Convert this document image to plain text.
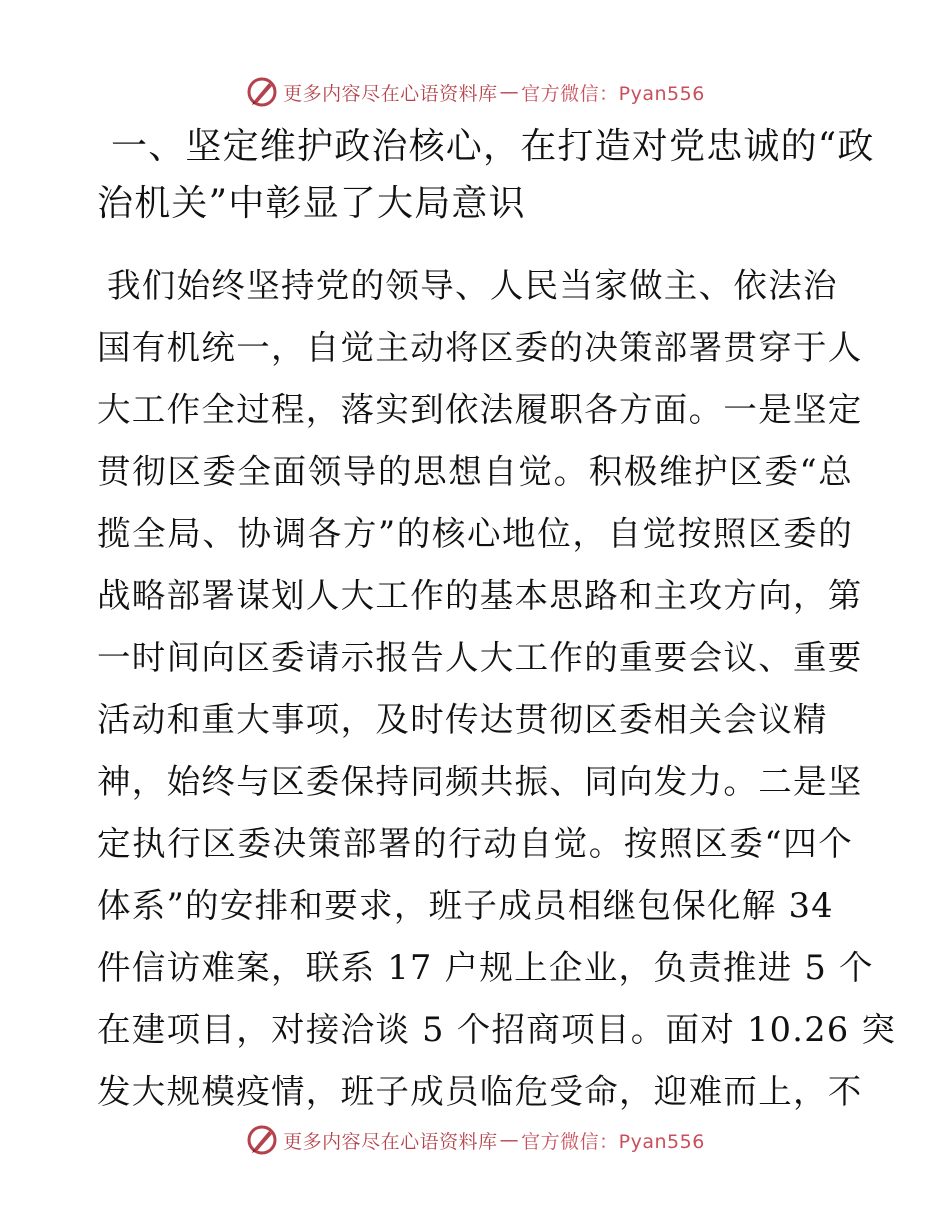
更多内容尽在心语资料库 — 官方微信：Pyan556
一、坚定维护政治核心，在打造对党忠诚的“政
治机关”中彰显了大局意识
我们始终坚持党的领导、人民当家做主、依法治
国有机统一，自觉主动将区委的决策部署贯穿于人
大工作全过程，落实到依法履职各方面。一是坚定
贯彻区委全面领导的思想自觉。积极维护区委“总
揽全局、协调各方”的核心地位，自觉按照区委的
战略部署谋划人大工作的基本思路和主攻方向，第
一时间向区委请示报告人大工作的重要会议、重要
活动和重大事项，及时传达贯彻区委相关会议精
神，始终与区委保持同频共振、同向发力。二是坚
定执行区委决策部署的行动自觉。按照区委“四个
体系”的安排和要求，班子成员相继包保化解 34
件信访难案，联系 17 户规上企业，负责推进 5 个
在建项目，对接洽谈 5 个招商项目。面对 10.26 突
发大规模疫情，班子成员临危受命，迎难而上，不
更多内容尽在心语资料库 — 官方微信：Pyan556
